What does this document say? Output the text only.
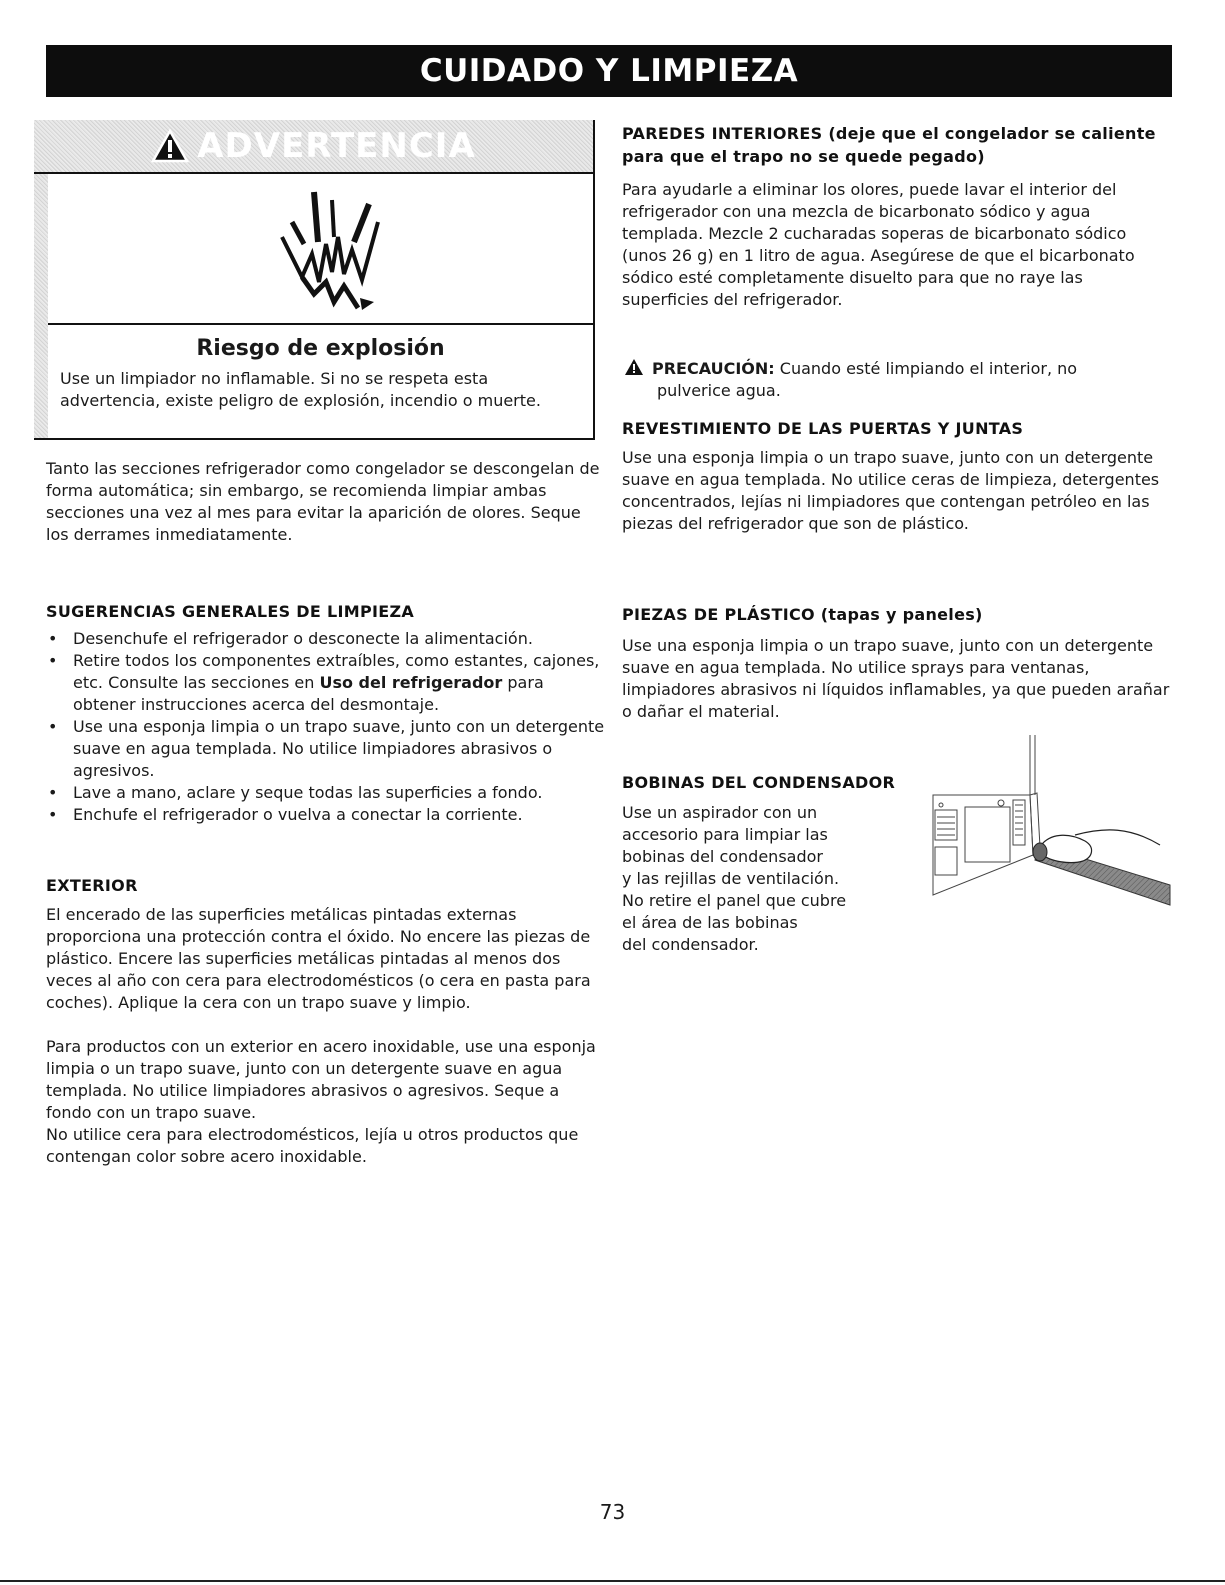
CUIDADO Y LIMPIEZA
ADVERTENCIA
Riesgo de explosión

Use un limpiador no inflamable. Si no se respeta esta advertencia, existe peligro de explosión, incendio o muerte.

Tanto las secciones refrigerador como congelador se descongelan de forma automática; sin embargo, se recomienda limpiar ambas secciones una vez al mes para evitar la aparición de olores. Seque los derrames inmediatamente.

SUGERENCIAS GENERALES DE LIMPIEZA
• Desenchufe el refrigerador o desconecte la alimentación.
• Retire todos los componentes extraíbles, como estantes, cajones, etc. Consulte las secciones en Uso del refrigerador para obtener instrucciones acerca del desmontaje.
• Use una esponja limpia o un trapo suave, junto con un detergente suave en agua templada. No utilice limpiadores abrasivos o agresivos.
• Lave a mano, aclare y seque todas las superficies a fondo.
• Enchufe el refrigerador o vuelva a conectar la corriente.
EXTERIOR

El encerado de las superficies metálicas pintadas externas proporciona una protección contra el óxido. No encere las piezas de plástico. Encere las superficies metálicas pintadas al menos dos veces al año con cera para electrodomésticos (o cera en pasta para coches). Aplique la cera con un trapo suave y limpio.

Para productos con un exterior en acero inoxidable, use una esponja limpia o un trapo suave, junto con un detergente suave en agua templada. No utilice limpiadores abrasivos o agresivos. Seque a fondo con un trapo suave.

No utilice cera para electrodomésticos, lejía u otros productos que contengan color sobre acero inoxidable.

PAREDES INTERIORES (deje que el congelador se caliente para que el trapo no se quede pegado)

Para ayudarle a eliminar los olores, puede lavar el interior del refrigerador con una mezcla de bicarbonato sódico y agua templada. Mezcle 2 cucharadas soperas de bicarbonato sódico (unos 26 g) en 1 litro de agua. Asegúrese de que el bicarbonato sódico esté completamente disuelto para que no raye las superficies del refrigerador.

PRECAUCIÓN: Cuando esté limpiando el interior, no

pulverice agua.

REVESTIMIENTO DE LAS PUERTAS Y JUNTAS

Use una esponja limpia o un trapo suave, junto con un detergente suave en agua templada. No utilice ceras de limpieza, detergentes concentrados, lejías ni limpiadores que contengan petróleo en las piezas del refrigerador que son de plástico.

PIEZAS DE PLÁSTICO (tapas y paneles)

Use una esponja limpia o un trapo suave, junto con un detergente suave en agua templada. No utilice sprays para ventanas, limpiadores abrasivos ni líquidos inflamables, ya que pueden arañar o dañar el material.

BOBINAS DEL CONDENSADOR

Use un aspirador con un

accesorio para limpiar las

bobinas del condensador

y las rejillas de ventilación.

No retire el panel que cubre

el área de las bobinas

del condensador.

73
